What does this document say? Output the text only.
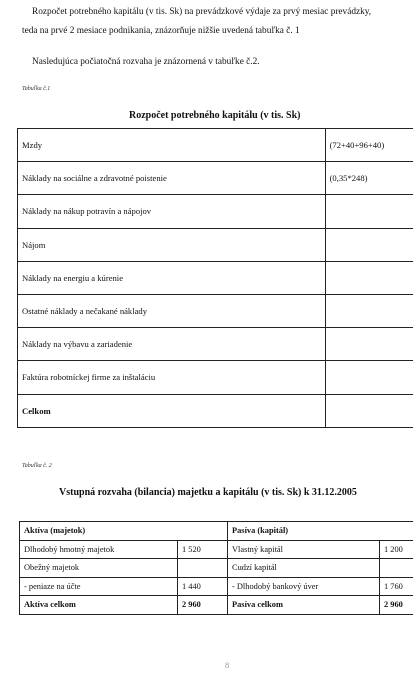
Rozpočet potrebného kapitálu (v tis. Sk) na prevádzkové výdaje za prvý mesiac prevádzky,

teda na prvé 2 mesiace podnikania, znázorňuje nižšie uvedená tabuľka č. 1

Nasledujúca počiatočná rozvaha je znázornená v tabuľke č.2.

Tabuľka č.1
Rozpočet potrebného kapitálu (v tis. Sk)
Mzdy	(72+40+96+40)
Náklady na sociálne a zdravotné poistenie	(0,35*248)
Náklady na nákup potravín a nápojov	
Nájom	
Náklady na energiu a kúrenie	
Ostatné náklady a nečakané náklady	
Náklady na výbavu a zariadenie	
Faktúra robotníckej firme za inštaláciu	
Celkom	
Tabuľka č. 2
Vstupná rozvaha (bilancia) majetku a kapitálu (v tis. Sk) k 31.12.2005
Aktíva (majetok)		Pasíva (kapitál)	
Dlhodobý hmotný majetok	1 520	Vlastný kapitál	1 200
Obežný majetok		Cudzí kapitál	
- peniaze na účte	1 440	- Dlhodobý bankový úver	1 760
Aktíva celkom	2 960	Pasíva celkom	2 960
8
